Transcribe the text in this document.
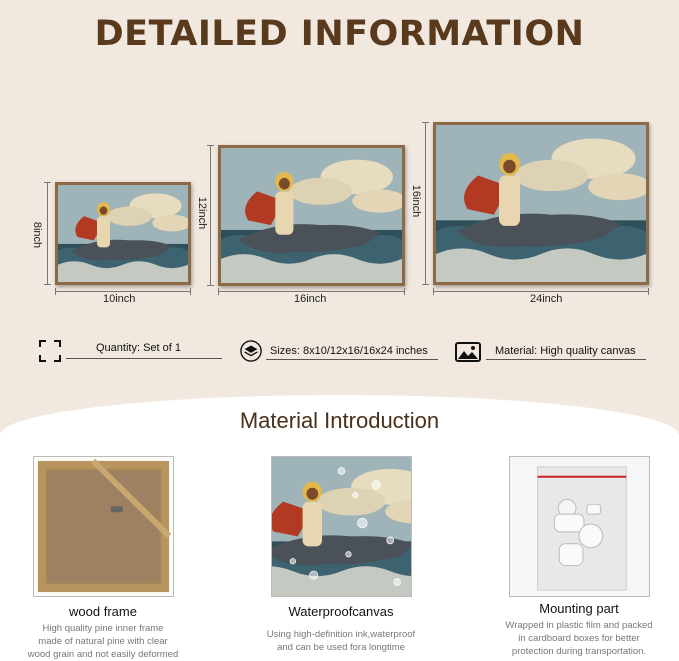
DETAILED INFORMATION
8inch
10inch
12inch
16inch
16inch
24inch
Quantity: Set of 1	Sizes: 8x10/12x16/16x24 inches	Material: High quality canvas
Material Introduction
wood frame
High quality pine inner frame
made of natural pine with clear
wood grain and not easily deformed
Waterproofcanvas
Using high-definition ink,waterproof
and can be used fora longtime
Mounting part
Wrapped in plastic film and packed
in cardboard boxes for better
protection during transportation.
